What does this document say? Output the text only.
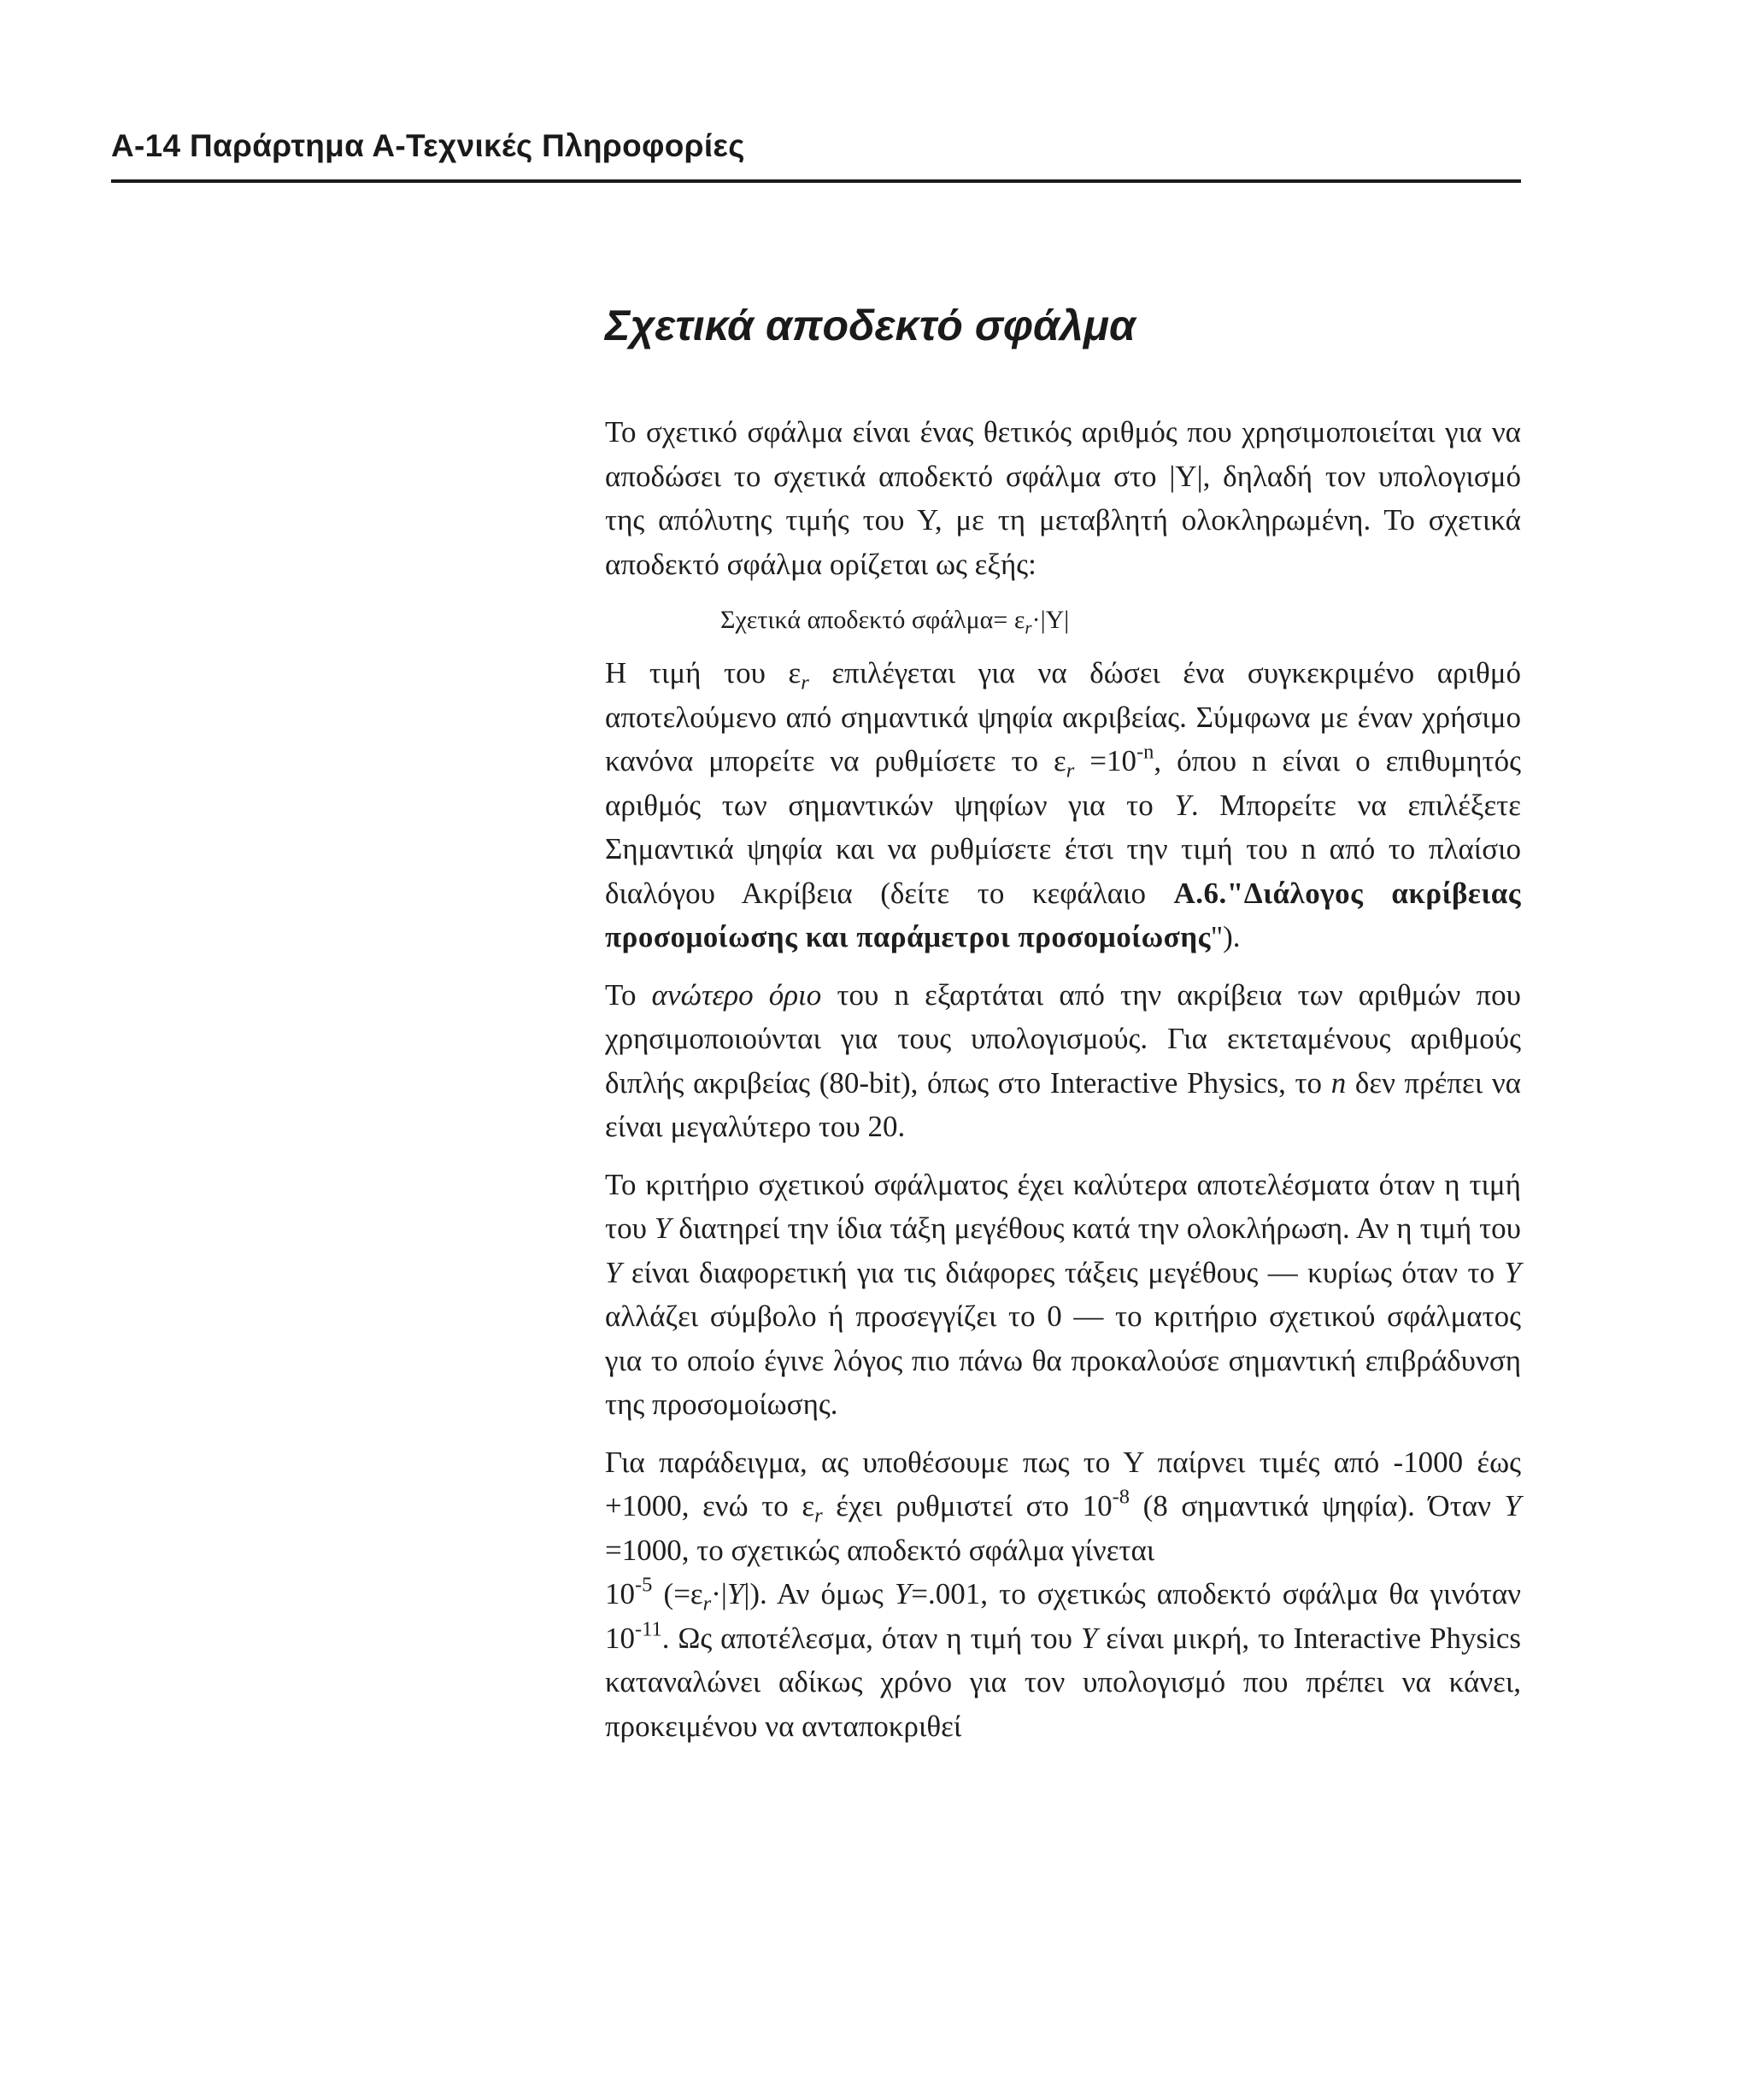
A-14 Παράρτημα Α-Τεχνικές Πληροφορίες
Σχετικά αποδεκτό σφάλμα

Το σχετικό σφάλμα είναι ένας θετικός αριθμός που χρησιμοποιείται για να αποδώσει το σχετικά αποδεκτό σφάλμα στο |Υ|, δηλαδή τον υπολογισμό της απόλυτης τιμής του Υ, με τη μεταβλητή ολοκληρωμένη. Το σχετικά αποδεκτό σφάλμα ορίζεται ως εξής:

Σχετικά αποδεκτό $\sigma\varphi ά\lambda\mu\alpha= \varepsilon_r\cdot|Y|$

Η τιμή του $\varepsilon_r$ επιλέγεται για να δώσει ένα συγκεκριμένο αριθμό αποτελούμενο από σημαντικά ψηφία ακριβείας. Σύμφωνα με έναν χρήσιμο κανόνα μπορείτε να ρυθμίσετε το $\varepsilon_r =10^{-n}$, όπου n είναι ο επιθυμητός αριθμός των σημαντικών ψηφίων για το Y. Μπορείτε να επιλέξετε Σημαντικά ψηφία και να ρυθμίσετε έτσι την τιμή του n από το πλαίσιο διαλόγου Ακρίβεια (δείτε το κεφάλαιο A.6."Διάλογος ακρίβειας προσομοίωσης και παράμετροι προσομοίωσης").

Το ανώτερο όριο του n εξαρτάται από την ακρίβεια των αριθμών που χρησιμοποιούνται για τους υπολογισμούς. Για εκτεταμένους αριθμούς διπλής ακριβείας (80-bit), όπως στο Interactive Physics, το n δεν πρέπει να είναι μεγαλύτερο του 20.

Το κριτήριο σχετικού σφάλματος έχει καλύτερα αποτελέσματα όταν η τιμή του Y διατηρεί την ίδια τάξη μεγέθους κατά την ολοκλήρωση. Αν η τιμή του Y είναι διαφορετική για τις διάφορες τάξεις μεγέθους — κυρίως όταν το Y αλλάζει σύμβολο ή προσεγγίζει το 0 — το κριτήριο σχετικού σφάλματος για το οποίο έγινε λόγος πιο πάνω θα προκαλούσε σημαντική επιβράδυνση της προσομοίωσης.

Για παράδειγμα, ας υποθέσουμε πως το Υ παίρνει τιμές από -1000 έως +1000, ενώ το $\varepsilon_r$ έχει ρυθμιστεί στο $10^{-8}$ (8 σημαντικά ψηφία). Όταν Y =1000, το σχετικώς αποδεκτό σφάλμα γίνεται
$10^{-5}$ $(=\varepsilon_r\cdot|Y|)$. Αν όμως Y=.001, το σχετικώς αποδεκτό σφάλμα θα γινόταν $10^{-11}$. Ως αποτέλεσμα, όταν η τιμή του Y είναι μικρή, το Interactive Physics καταναλώνει αδίκως χρόνο για τον υπολογισμό που πρέπει να κάνει, προκειμένου να ανταποκριθεί
